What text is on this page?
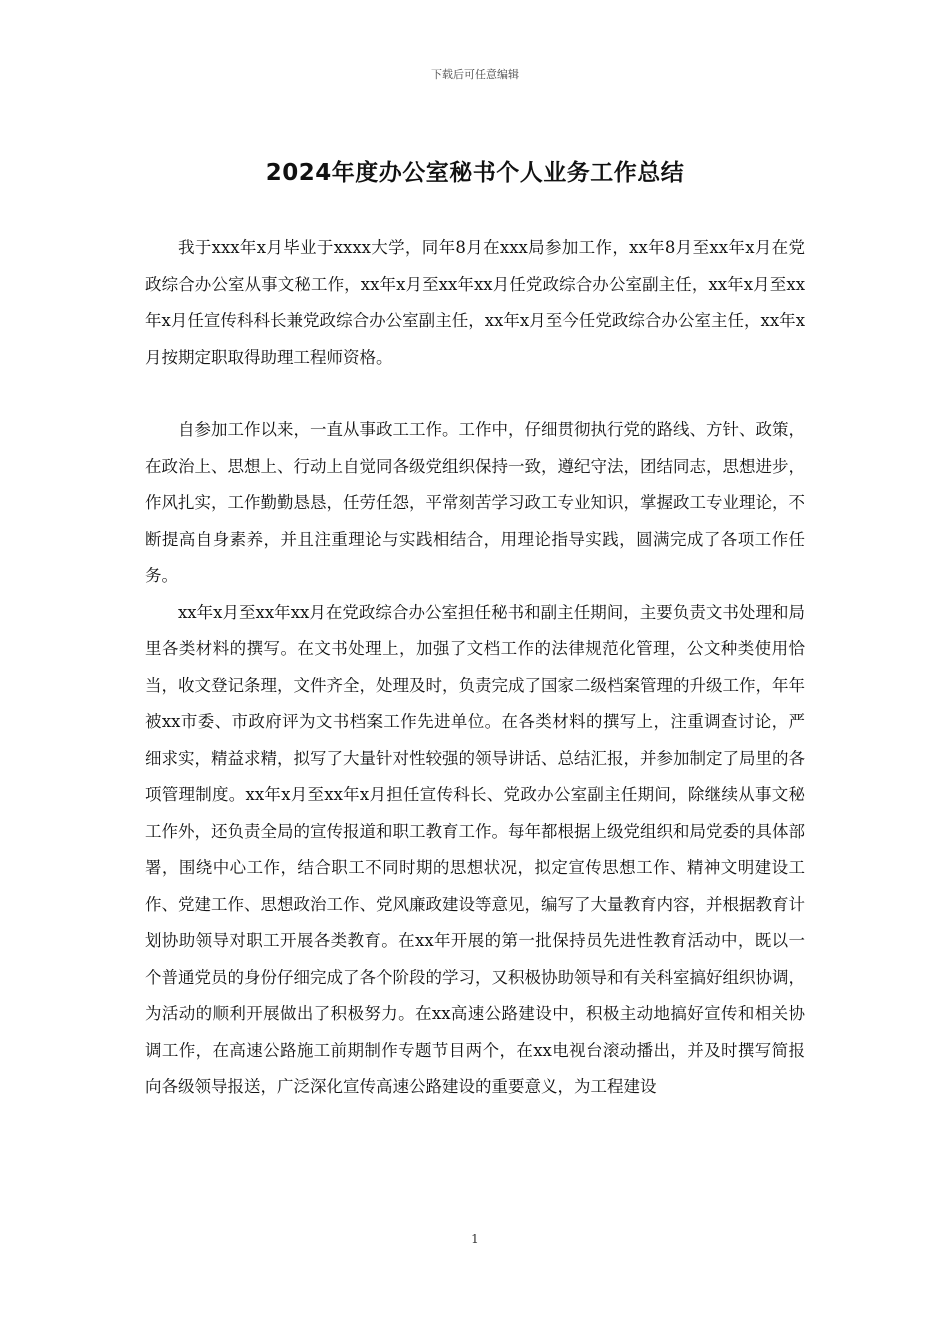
下载后可任意编辑
2024年度办公室秘书个人业务工作总结

我于xxx年x月毕业于xxxx大学，同年8月在xxx局参加工作，xx年8月至xx年x月在党政综合办公室从事文秘工作，xx年x月至xx年xx月任党政综合办公室副主任，xx年x月至xx年x月任宣传科科长兼党政综合办公室副主任，xx年x月至今任党政综合办公室主任，xx年x月按期定职取得助理工程师资格。

自参加工作以来，一直从事政工工作。工作中，仔细贯彻执行党的路线、方针、政策，在政治上、思想上、行动上自觉同各级党组织保持一致，遵纪守法，团结同志，思想进步，作风扎实，工作勤勤恳恳，任劳任怨，平常刻苦学习政工专业知识，掌握政工专业理论，不断提高自身素养，并且注重理论与实践相结合，用理论指导实践，圆满完成了各项工作任务。

xx年x月至xx年xx月在党政综合办公室担任秘书和副主任期间，主要负责文书处理和局里各类材料的撰写。在文书处理上，加强了文档工作的法律规范化管理，公文种类使用恰当，收文登记条理，文件齐全，处理及时，负责完成了国家二级档案管理的升级工作，年年被xx市委、市政府评为文书档案工作先进单位。在各类材料的撰写上，注重调查讨论，严细求实，精益求精，拟写了大量针对性较强的领导讲话、总结汇报，并参加制定了局里的各项管理制度。xx年x月至xx年x月担任宣传科长、党政办公室副主任期间，除继续从事文秘工作外，还负责全局的宣传报道和职工教育工作。每年都根据上级党组织和局党委的具体部署，围绕中心工作，结合职工不同时期的思想状况，拟定宣传思想工作、精神文明建设工作、党建工作、思想政治工作、党风廉政建设等意见，编写了大量教育内容，并根据教育计划协助领导对职工开展各类教育。在xx年开展的第一批保持员先进性教育活动中，既以一个普通党员的身份仔细完成了各个阶段的学习，又积极协助领导和有关科室搞好组织协调，为活动的顺利开展做出了积极努力。在xx高速公路建设中，积极主动地搞好宣传和相关协调工作，在高速公路施工前期制作专题节目两个，在xx电视台滚动播出，并及时撰写简报向各级领导报送，广泛深化宣传高速公路建设的重要意义，为工程建设

1
